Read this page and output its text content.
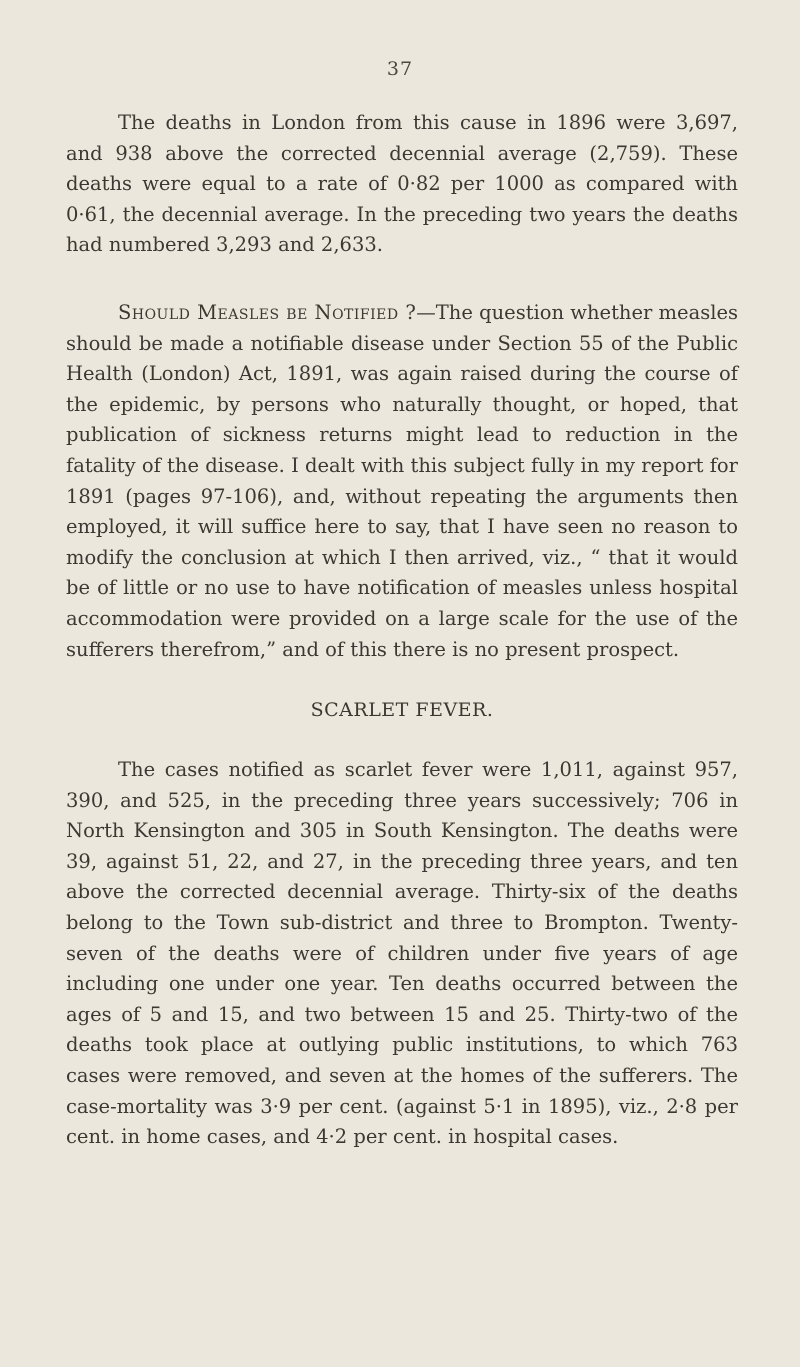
37

The deaths in London from this cause in 1896 were 3,697, and 938 above the corrected decennial average (2,759). These deaths were equal to a rate of 0·82 per 1000 as compared with 0·61, the decennial average. In the preceding two years the deaths had numbered 3,293 and 2,633.

Should Measles be Notified ?—The question whether measles should be made a notifiable disease under Section 55 of the Public Health (London) Act, 1891, was again raised during the course of the epidemic, by persons who naturally thought, or hoped, that publication of sickness returns might lead to reduction in the fatality of the disease. I dealt with this subject fully in my report for 1891 (pages 97-106), and, without repeating the arguments then employed, it will suffice here to say, that I have seen no reason to modify the conclusion at which I then arrived, viz., “ that it would be of little or no use to have notification of measles unless hospital accommodation were provided on a large scale for the use of the sufferers therefrom,” and of this there is no present prospect.

SCARLET FEVER.

The cases notified as scarlet fever were 1,011, against 957, 390, and 525, in the preceding three years successively; 706 in North Kensington and 305 in South Kensington. The deaths were 39, against 51, 22, and 27, in the preceding three years, and ten above the corrected decennial average. Thirty-six of the deaths belong to the Town sub-district and three to Brompton. Twenty-seven of the deaths were of children under five years of age including one under one year. Ten deaths occurred between the ages of 5 and 15, and two between 15 and 25. Thirty-two of the deaths took place at outlying public institutions, to which 763 cases were removed, and seven at the homes of the sufferers. The case-mortality was 3·9 per cent. (against 5·1 in 1895), viz., 2·8 per cent. in home cases, and 4·2 per cent. in hospital cases.
